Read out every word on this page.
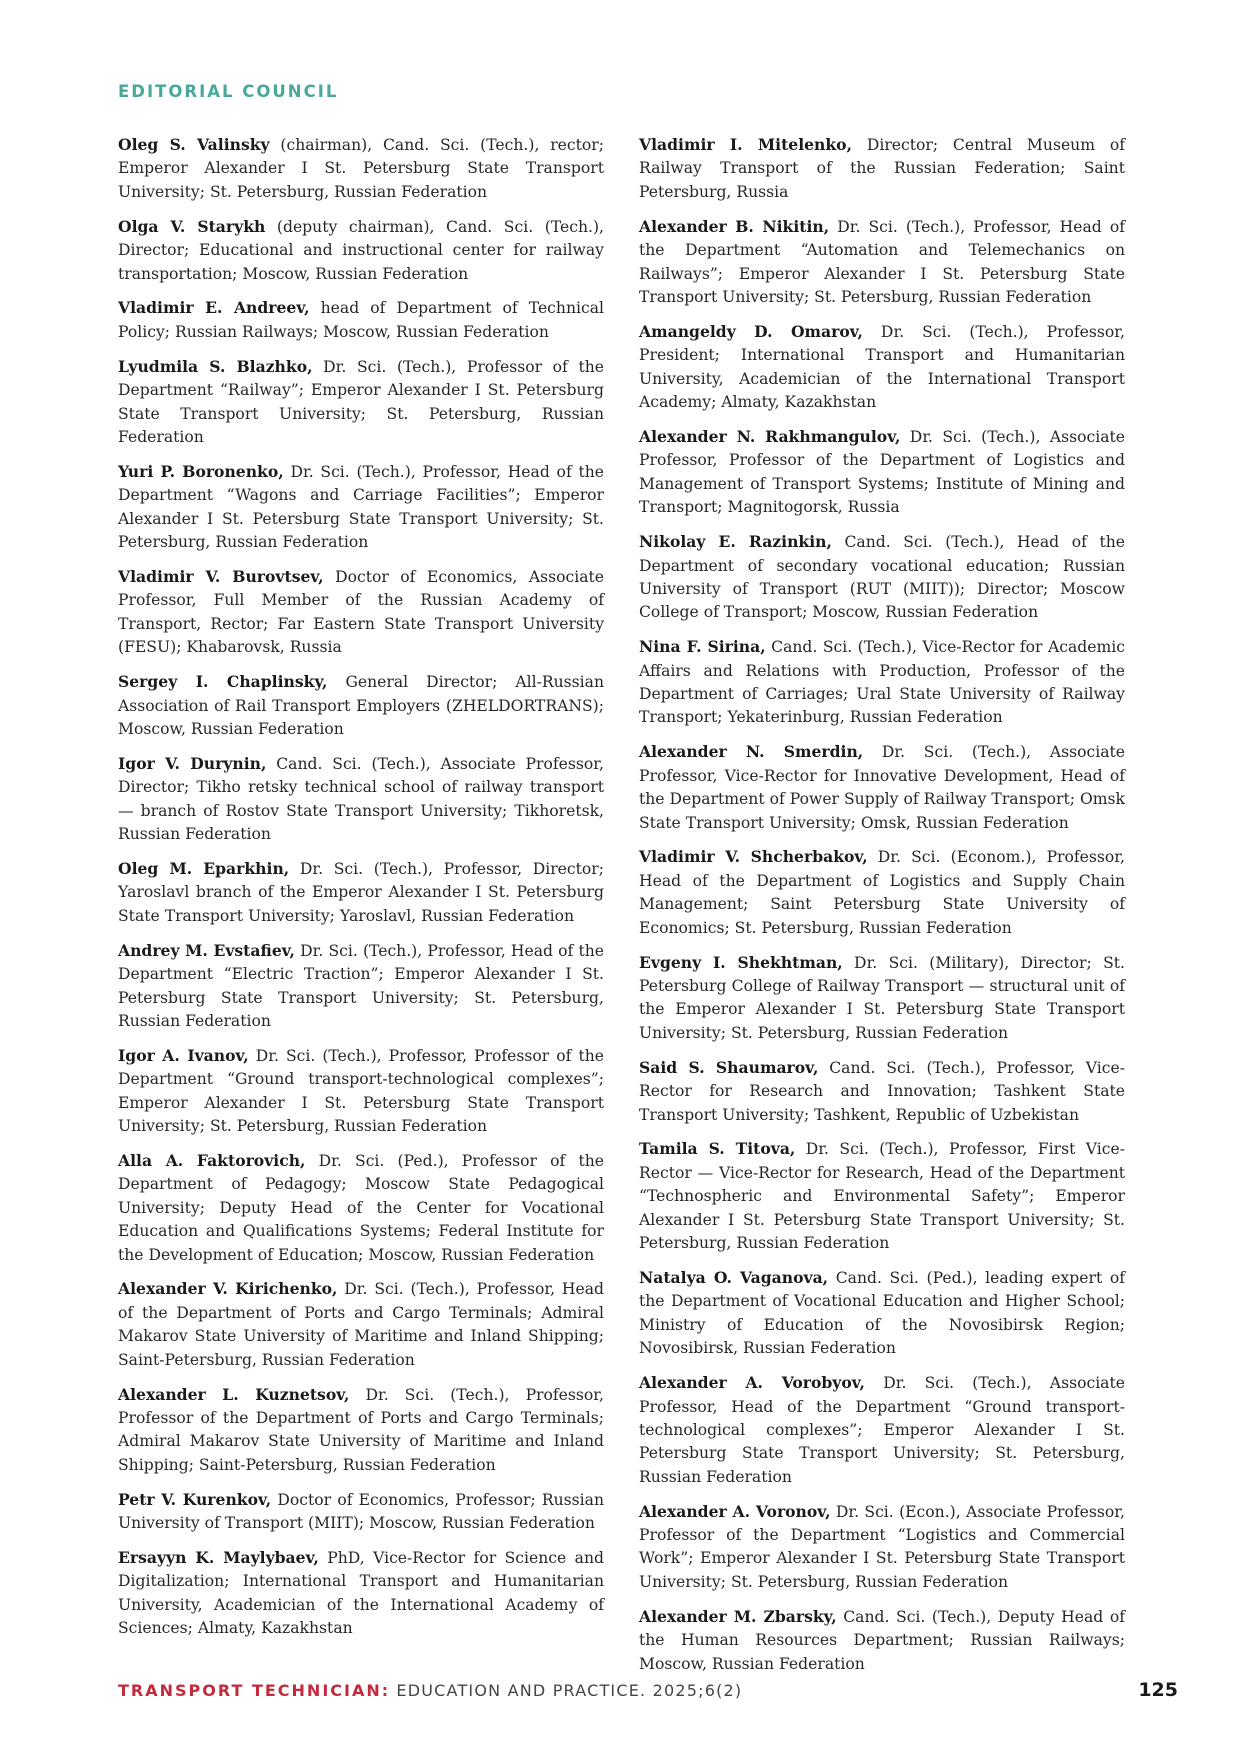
EDITORIAL COUNCIL

Oleg S. Valinsky (chairman), Cand. Sci. (Tech.), rector; Emperor Alexander I St. Petersburg State Transport University; St. Petersburg, Russian Federation

Olga V. Starykh (deputy chairman), Cand. Sci. (Tech.), Director; Educational and instructional center for railway transportation; Moscow, Russian Federation

Vladimir E. Andreev, head of Department of Technical Policy; Russian Railways; Moscow, Russian Federation

Lyudmila S. Blazhko, Dr. Sci. (Tech.), Professor of the Department “Railway”; Emperor Alexander I St. Petersburg State Transport University; St. Petersburg, Russian Federation

Yuri P. Boronenko, Dr. Sci. (Tech.), Professor, Head of the Department “Wagons and Carriage Facilities”; Emperor Alexander I St. Petersburg State Transport University; St. Petersburg, Russian Federation

Vladimir V. Burovtsev, Doctor of Economics, Associate Professor, Full Member of the Russian Academy of Transport, Rector; Far Eastern State Transport University (FESU); Khabarovsk, Russia

Sergey I. Chaplinsky, General Director; All-Russian Association of Rail Transport Employers (ZHELDORTRANS); Moscow, Russian Federation

Igor V. Durynin, Cand. Sci. (Tech.), Associate Professor, Director; Tikho retsky technical school of railway transport — branch of Rostov State Transport University; Tikhoretsk, Russian Federation

Oleg M. Eparkhin, Dr. Sci. (Tech.), Professor, Director; Yaroslavl branch of the Emperor Alexander I St. Petersburg State Transport University; Yaroslavl, Russian Federation

Andrey M. Evstafiev, Dr. Sci. (Tech.), Professor, Head of the Department “Electric Traction”; Emperor Alexander I St. Petersburg State Transport University; St. Petersburg, Russian Federation

Igor A. Ivanov, Dr. Sci. (Tech.), Professor, Professor of the Department “Ground transport-technological complexes”; Emperor Alexander I St. Petersburg State Transport University; St. Petersburg, Russian Federation

Alla A. Faktorovich, Dr. Sci. (Ped.), Professor of the Department of Pedagogy; Moscow State Pedagogical University; Deputy Head of the Center for Vocational Education and Qualifications Systems; Federal Institute for the Development of Education; Moscow, Russian Federation

Alexander V. Kirichenko, Dr. Sci. (Tech.), Professor, Head of the Department of Ports and Cargo Terminals; Admiral Makarov State University of Maritime and Inland Shipping; Saint-Petersburg, Russian Federation

Alexander L. Kuznetsov, Dr. Sci. (Tech.), Professor, Professor of the Department of Ports and Cargo Terminals; Admiral Makarov State University of Maritime and Inland Shipping; Saint-Petersburg, Russian Federation

Petr V. Kurenkov, Doctor of Economics, Professor; Russian University of Transport (MIIT); Moscow, Russian Federation

Ersayyn K. Maylybaev, PhD, Vice-Rector for Science and Digitalization; International Transport and Humanitarian University, Academician of the International Academy of Sciences; Almaty, Kazakhstan

Vladimir I. Mitelenko, Director; Central Museum of Railway Transport of the Russian Federation; Saint Petersburg, Russia

Alexander B. Nikitin, Dr. Sci. (Tech.), Professor, Head of the Department “Automation and Telemechanics on Railways”; Emperor Alexander I St. Petersburg State Transport University; St. Petersburg, Russian Federation

Amangeldy D. Omarov, Dr. Sci. (Tech.), Professor, President; International Transport and Humanitarian University, Academician of the International Transport Academy; Almaty, Kazakhstan

Alexander N. Rakhmangulov, Dr. Sci. (Tech.), Associate Professor, Professor of the Department of Logistics and Management of Transport Systems; Institute of Mining and Transport; Magnitogorsk, Russia

Nikolay E. Razinkin, Cand. Sci. (Tech.), Head of the Department of secondary vocational education; Russian University of Transport (RUT (MIIT)); Director; Moscow College of Transport; Moscow, Russian Federation

Nina F. Sirina, Cand. Sci. (Tech.), Vice-Rector for Academic Affairs and Relations with Production, Professor of the Department of Carriages; Ural State University of Railway Transport; Yekaterinburg, Russian Federation

Alexander N. Smerdin, Dr. Sci. (Tech.), Associate Professor, Vice-Rector for Innovative Development, Head of the Department of Power Supply of Railway Transport; Omsk State Transport University; Omsk, Russian Federation

Vladimir V. Shcherbakov, Dr. Sci. (Econom.), Professor, Head of the Department of Logistics and Supply Chain Management; Saint Petersburg State University of Economics; St. Petersburg, Russian Federation

Evgeny I. Shekhtman, Dr. Sci. (Military), Director; St. Petersburg College of Railway Transport — structural unit of the Emperor Alexander I St. Petersburg State Transport University; St. Petersburg, Russian Federation

Said S. Shaumarov, Cand. Sci. (Tech.), Professor, Vice-Rector for Research and Innovation; Tashkent State Transport University; Tashkent, Republic of Uzbekistan

Tamila S. Titova, Dr. Sci. (Tech.), Professor, First Vice-Rector — Vice-Rector for Research, Head of the Department “Technospheric and Environmental Safety”; Emperor Alexander I St. Petersburg State Transport University; St. Petersburg, Russian Federation

Natalya O. Vaganova, Cand. Sci. (Ped.), leading expert of the Department of Vocational Education and Higher School; Ministry of Education of the Novosibirsk Region; Novosibirsk, Russian Federation

Alexander A. Vorobyov, Dr. Sci. (Tech.), Associate Professor, Head of the Department “Ground transport-technological complexes”; Emperor Alexander I St. Petersburg State Transport University; St. Petersburg, Russian Federation

Alexander A. Voronov, Dr. Sci. (Econ.), Associate Professor, Professor of the Department “Logistics and Commercial Work”; Emperor Alexander I St. Petersburg State Transport University; St. Petersburg, Russian Federation

Alexander M. Zbarsky, Cand. Sci. (Tech.), Deputy Head of the Human Resources Department; Russian Railways; Moscow, Russian Federation

TRANSPORT TECHNICIAN: EDUCATION AND PRACTICE. 2025;6(2)	125
